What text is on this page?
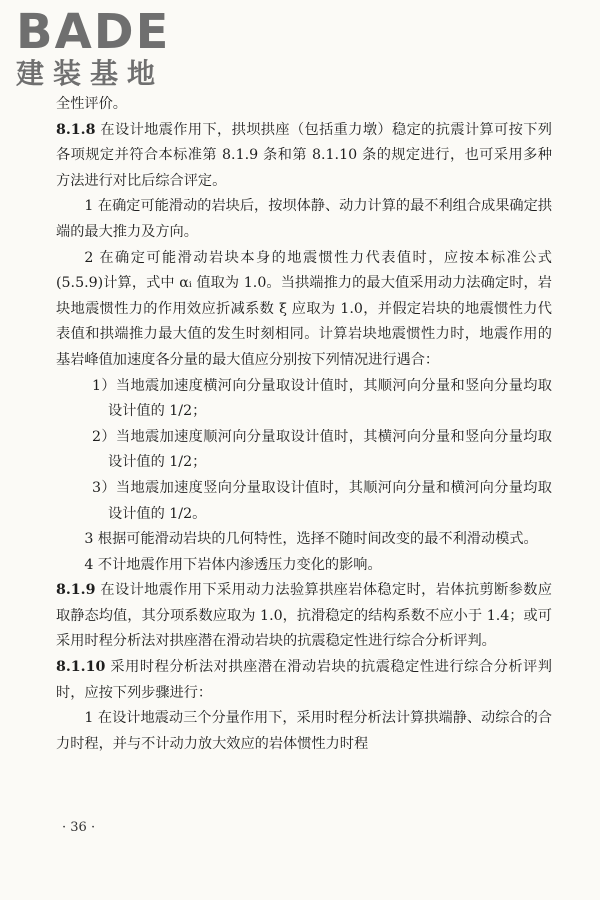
BADE
建装基地

全性评价。

8.1.8 在设计地震作用下，拱坝拱座（包括重力墩）稳定的抗震计算可按下列各项规定并符合本标准第 8.1.9 条和第 8.1.10 条的规定进行，也可采用多种方法进行对比后综合评定。

1 在确定可能滑动的岩块后，按坝体静、动力计算的最不利组合成果确定拱端的最大推力及方向。

2 在确定可能滑动岩块本身的地震惯性力代表值时，应按本标准公式(5.5.9)计算，式中 αᵢ 值取为 1.0。当拱端推力的最大值采用动力法确定时，岩块地震惯性力的作用效应折减系数 ξ 应取为 1.0，并假定岩块的地震惯性力代表值和拱端推力最大值的发生时刻相同。计算岩块地震惯性力时，地震作用的基岩峰值加速度各分量的最大值应分别按下列情况进行遇合：

1）当地震加速度横河向分量取设计值时，其顺河向分量和竖向分量均取设计值的 1/2；

2）当地震加速度顺河向分量取设计值时，其横河向分量和竖向分量均取设计值的 1/2；

3）当地震加速度竖向分量取设计值时，其顺河向分量和横河向分量均取设计值的 1/2。

3 根据可能滑动岩块的几何特性，选择不随时间改变的最不利滑动模式。

4 不计地震作用下岩体内渗透压力变化的影响。

8.1.9 在设计地震作用下采用动力法验算拱座岩体稳定时，岩体抗剪断参数应取静态均值，其分项系数应取为 1.0，抗滑稳定的结构系数不应小于 1.4；或可采用时程分析法对拱座潜在滑动岩块的抗震稳定性进行综合分析评判。

8.1.10 采用时程分析法对拱座潜在滑动岩块的抗震稳定性进行综合分析评判时，应按下列步骤进行：

1 在设计地震动三个分量作用下，采用时程分析法计算拱端静、动综合的合力时程，并与不计动力放大效应的岩体惯性力时程

· 36 ·
